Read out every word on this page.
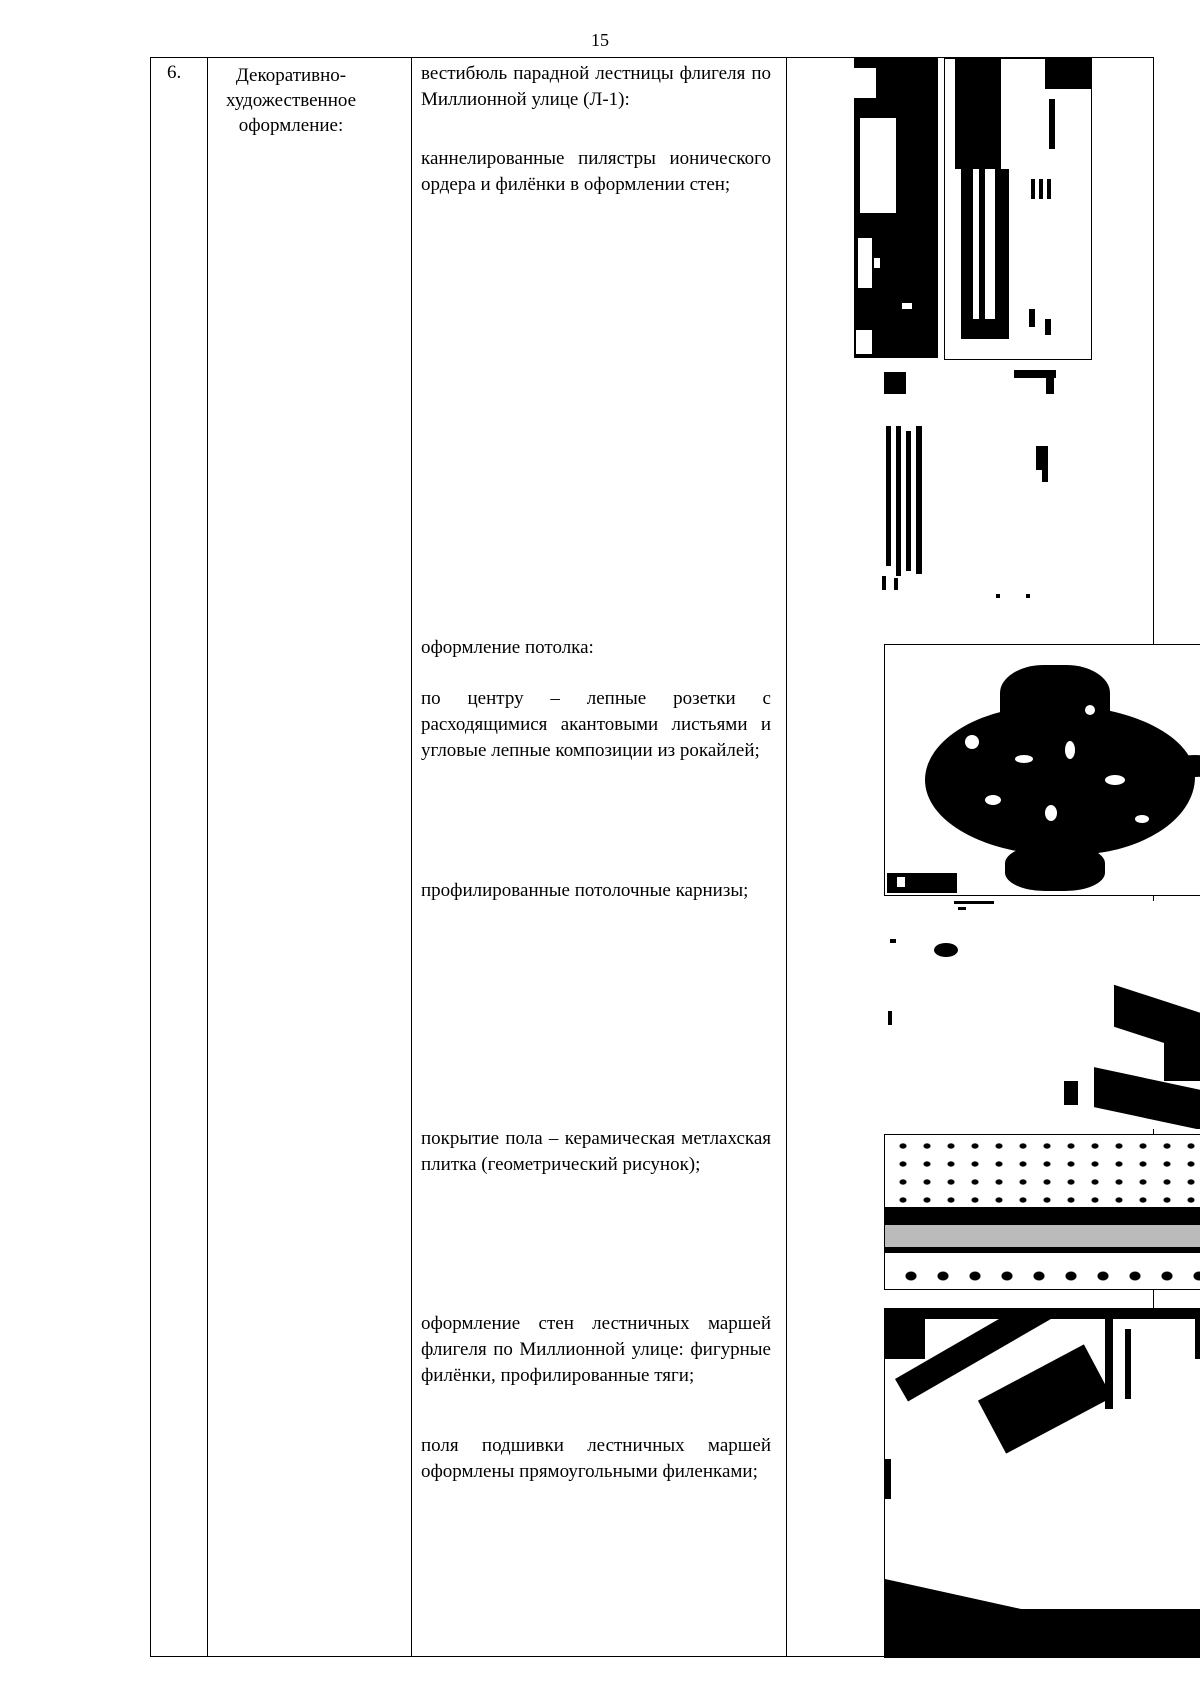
15
6.	Декоративно-
художественное
оформление:
вестибюль парадной лестницы флигеля по Миллионной улице (Л-1):
каннелированные пилястры ионического ордера и филёнки в оформлении стен;
оформление потолка:
по центру – лепные розетки с расходящимися акантовыми листьями и угловые лепные композиции из рокайлей;
профилированные потолочные карнизы;
покрытие пола – керамическая метлахская плитка (геометрический рисунок);
оформление стен лестничных маршей флигеля по Миллионной улице: фигурные филёнки, профилированные тяги;
поля подшивки лестничных маршей оформлены прямоугольными филенками;
